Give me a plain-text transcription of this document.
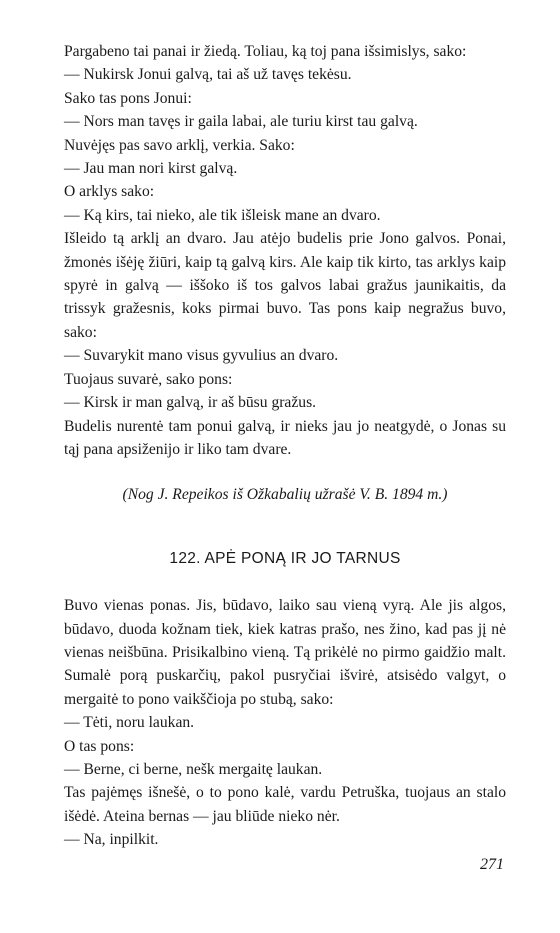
Pargabeno tai panai ir žiedą. Toliau, ką toj pana išsimislys, sako:

— Nukirsk Jonui galvą, tai aš už tavęs tekėsu.

Sako tas pons Jonui:

— Nors man tavęs ir gaila labai, ale turiu kirst tau galvą.

Nuvėjęs pas savo arklį, verkia. Sako:

— Jau man nori kirst galvą.

O arklys sako:

— Ką kirs, tai nieko, ale tik išleisk mane an dvaro.

Išleido tą arklį an dvaro. Jau atėjo budelis prie Jono galvos. Ponai, žmonės išėję žiūri, kaip tą galvą kirs. Ale kaip tik kirto, tas arklys kaip spyrė in galvą — iššoko iš tos galvos labai gražus jaunikaitis, da trissyk gražesnis, koks pirmai buvo. Tas pons kaip negražus buvo, sako:

— Suvarykit mano visus gyvulius an dvaro.

Tuojaus suvarė, sako pons:

— Kirsk ir man galvą, ir aš būsu gražus.

Budelis nurentė tam ponui galvą, ir nieks jau jo neatgydė, o Jonas su tąj pana apsiženijo ir liko tam dvare.

(Nog J. Repeikos iš Ožkabalių užrašė V. B. 1894 m.)

122. APĖ PONĄ IR JO TARNUS

Buvo vienas ponas. Jis, būdavo, laiko sau vieną vyrą. Ale jis algos, būdavo, duoda kožnam tiek, kiek katras prašo, nes žino, kad pas jį nė vienas neišbūna. Prisikalbino vieną. Tą prikėlė no pirmo gaidžio malt. Sumalė porą puskarčių, pakol pusryčiai išvirė, atsisėdo valgyt, o mergaitė to pono vaikščioja po stubą, sako:

— Tėti, noru laukan.

O tas pons:

— Berne, ci berne, nešk mergaitę laukan.

Tas pajėmęs išnešė, o to pono kalė, vardu Petruška, tuojaus an stalo išėdė. Ateina bernas — jau bliūde nieko nėr.

— Na, inpilkit.

271
